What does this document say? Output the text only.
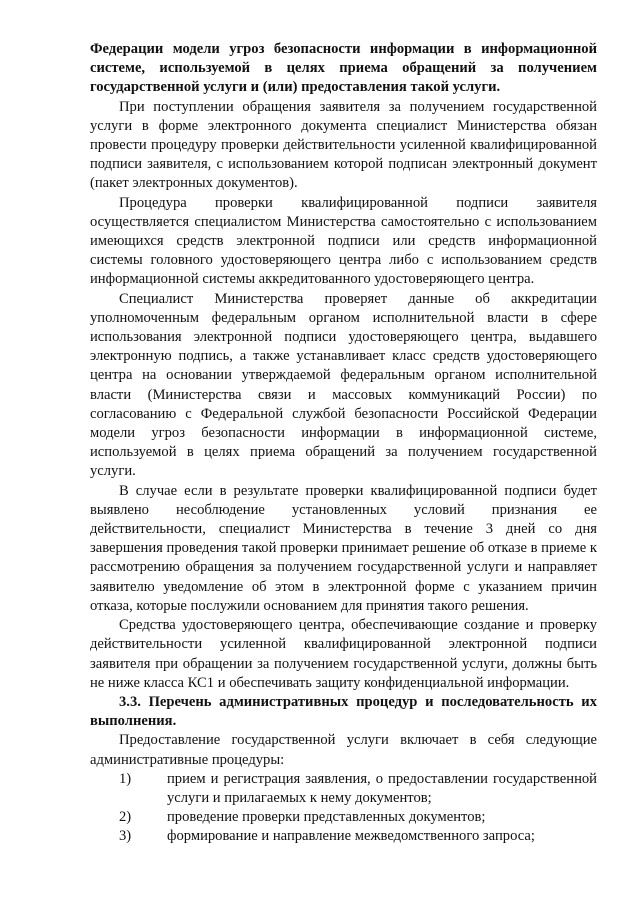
Федерации модели угроз безопасности информации в информационной системе, используемой в целях приема обращений за получением государственной услуги и (или) предоставления такой услуги.

При поступлении обращения заявителя за получением государственной услуги в форме электронного документа специалист Министерства обязан провести процедуру проверки действительности усиленной квалифицированной подписи заявителя, с использованием которой подписан электронный документ (пакет электронных документов).

Процедура проверки квалифицированной подписи заявителя осуществляется специалистом Министерства самостоятельно с использованием имеющихся средств электронной подписи или средств информационной системы головного удостоверяющего центра либо с использованием средств информационной системы аккредитованного удостоверяющего центра.

Специалист Министерства проверяет данные об аккредитации уполномоченным федеральным органом исполнительной власти в сфере использования электронной подписи удостоверяющего центра, выдавшего электронную подпись, а также устанавливает класс средств удостоверяющего центра на основании утверждаемой федеральным органом исполнительной власти (Министерства связи и массовых коммуникаций России) по согласованию с Федеральной службой безопасности Российской Федерации модели угроз безопасности информации в информационной системе, используемой в целях приема обращений за получением государственной услуги.

В случае если в результате проверки квалифицированной подписи будет выявлено несоблюдение установленных условий признания ее действительности, специалист Министерства в течение 3 дней со дня завершения проведения такой проверки принимает решение об отказе в приеме к рассмотрению обращения за получением государственной услуги и направляет заявителю уведомление об этом в электронной форме с указанием причин отказа, которые послужили основанием для принятия такого решения.

Средства удостоверяющего центра, обеспечивающие создание и проверку действительности усиленной квалифицированной электронной подписи заявителя при обращении за получением государственной услуги, должны быть не ниже класса КС1 и обеспечивать защиту конфиденциальной информации.

3.3. Перечень административных процедур и последовательность их выполнения.

Предоставление государственной услуги включает в себя следующие административные процедуры:

1)	прием и регистрация заявления, о предоставлении государственной услуги и прилагаемых к нему документов;
2)	проведение проверки представленных документов;
3)	формирование и направление межведомственного запроса;
